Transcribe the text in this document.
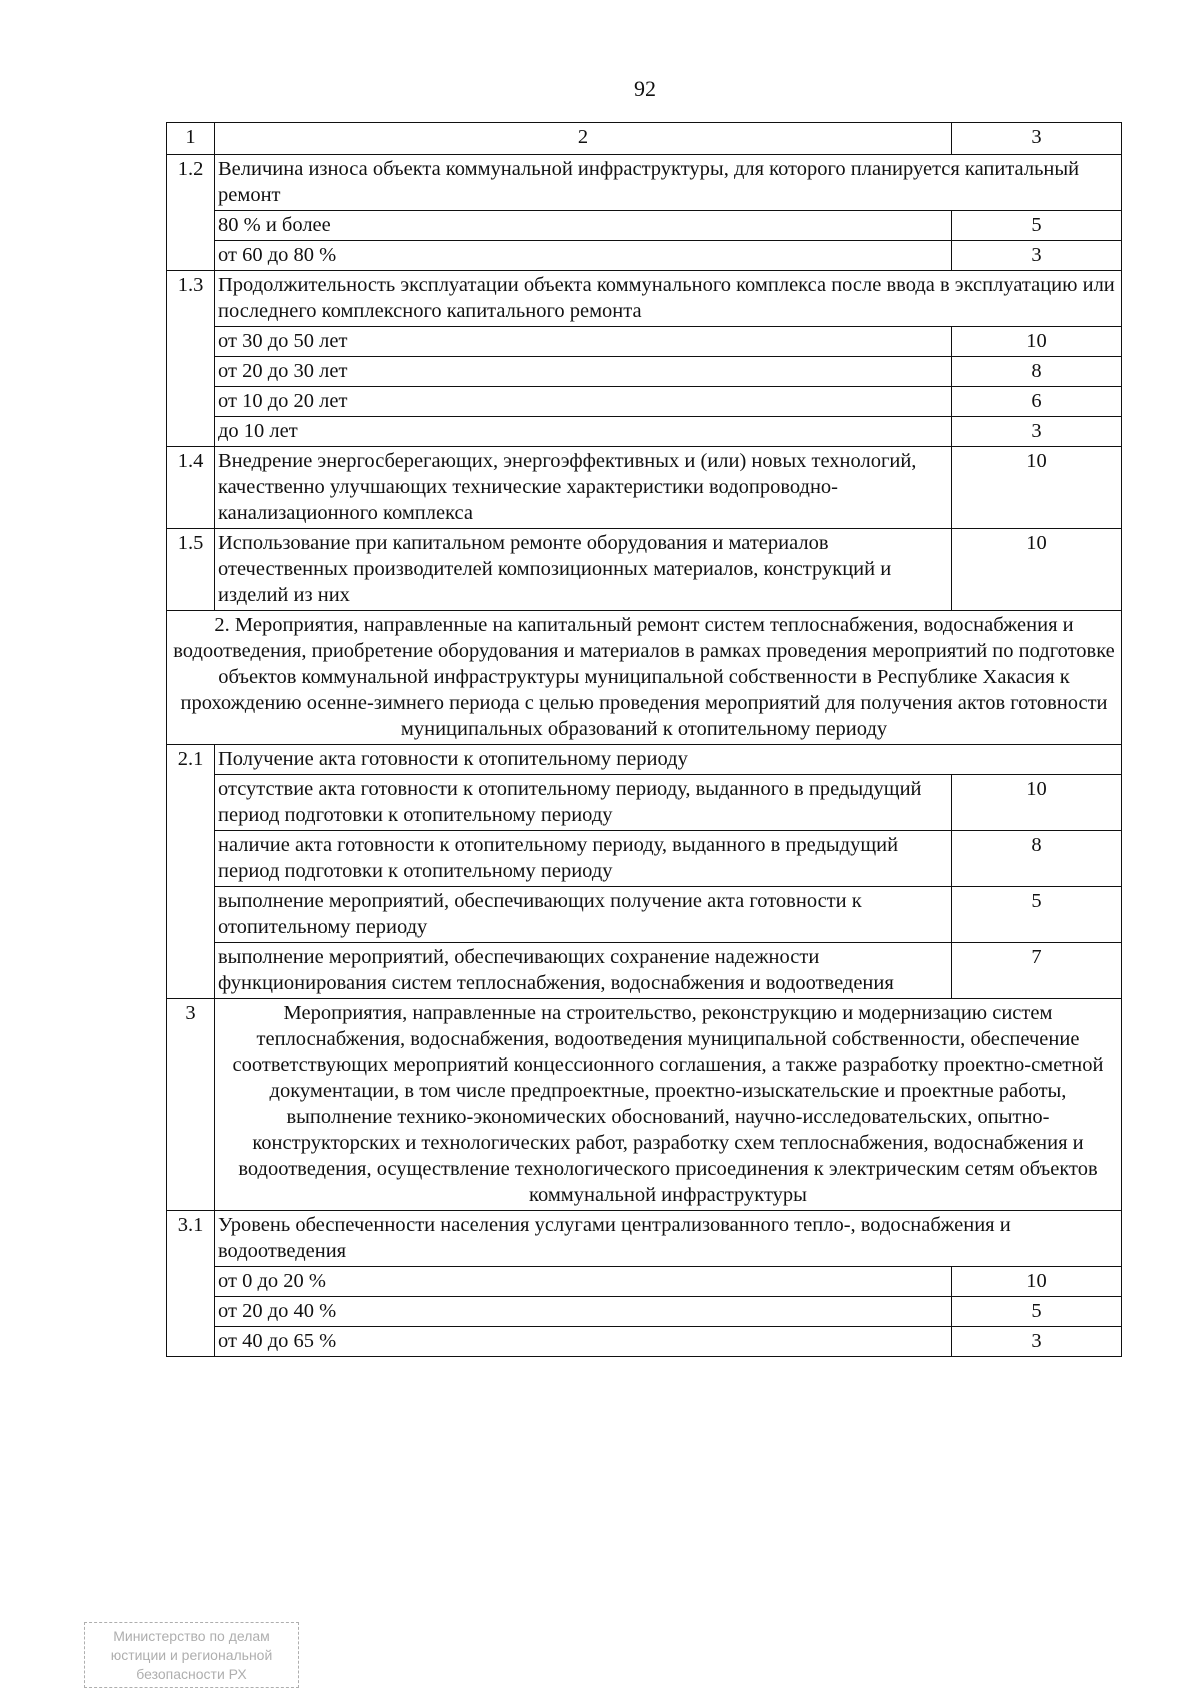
92
1	2	3
1.2	Величина износа объекта коммунальной инфраструктуры, для которого планируется капитальный ремонт	
	80 % и более	5
	от 60 до 80 %	3
1.3	Продолжительность эксплуатации объекта коммунального комплекса после ввода в эксплуатацию или последнего комплексного капитального ремонта	
	от 30 до 50 лет	10
	от 20 до 30 лет	8
	от 10 до 20 лет	6
	до 10 лет	3
1.4	Внедрение энергосберегающих, энергоэффективных и (или) новых технологий, качественно улучшающих технические характеристики водопроводно-канализационного комплекса	10
1.5	Использование при капитальном ремонте оборудования и материалов отечественных производителей композиционных материалов, конструкций и изделий из них	10
2. Мероприятия, направленные на капитальный ремонт систем теплоснабжения, водоснабжения и водоотведения, приобретение оборудования и материалов в рамках проведения мероприятий по подготовке объектов коммунальной инфраструктуры муниципальной собственности в Республике Хакасия к прохождению осенне-зимнего периода с целью проведения мероприятий для получения актов готовности муниципальных образований к отопительному периоду		
2.1	Получение акта готовности к отопительному периоду	
	отсутствие акта готовности к отопительному периоду, выданного в предыдущий период подготовки к отопительному периоду	10
	наличие акта готовности к отопительному периоду, выданного в предыдущий период подготовки к отопительному периоду	8
	выполнение мероприятий, обеспечивающих получение акта готовности к отопительному периоду	5
	выполнение мероприятий, обеспечивающих сохранение надежности функционирования систем теплоснабжения, водоснабжения и водоотведения	7
3	Мероприятия, направленные на строительство, реконструкцию и модернизацию систем теплоснабжения, водоснабжения, водоотведения муниципальной собственности, обеспечение соответствующих мероприятий концессионного соглашения, а также разработку проектно-сметной документации, в том числе предпроектные, проектно-изыскательские и проектные работы, выполнение технико-экономических обоснований, научно-исследовательских, опытно-конструкторских и технологических работ, разработку схем теплоснабжения, водоснабжения и водоотведения, осуществление технологического присоединения к электрическим сетям объектов коммунальной инфраструктуры	
3.1	Уровень обеспеченности населения услугами централизованного тепло-, водоснабжения и водоотведения	
	от 0 до 20 %	10
	от 20 до 40 %	5
	от 40 до 65 %	3
Министерство по делам
юстиции и региональной
безопасности РХ
